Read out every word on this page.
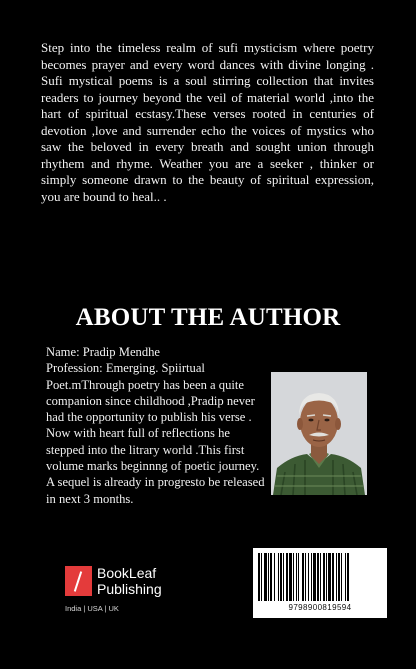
Step into the timeless realm of sufi mysticism where poetry becomes prayer and every word dances with divine longing . Sufi mystical poems is a soul stirring collection that invites readers to journey beyond the veil of material world ,into the hart of spiritual ecstasy.These verses rooted in centuries of devotion ,love and surrender echo the voices of mystics who saw the beloved in every breath and sought union through rhythem and rhyme. Weather you are a seeker , thinker or simply someone drawn to the beauty of spiritual expression, you are bound to heal.. .

ABOUT THE AUTHOR
Name: Pradip Mendhe
Profession: Emerging. Spiirtual Poet.mThrough poetry has been a quite companion since childhood ,Pradip never had the opportunity to publish his verse . Now with heart full of reflections he stepped into the litrary world .This first volume marks beginnng of poetic journey. A sequel is already in progresto be released in next 3 months.
BookLeaf
Publishing
India | USA | UK	9798900819594
